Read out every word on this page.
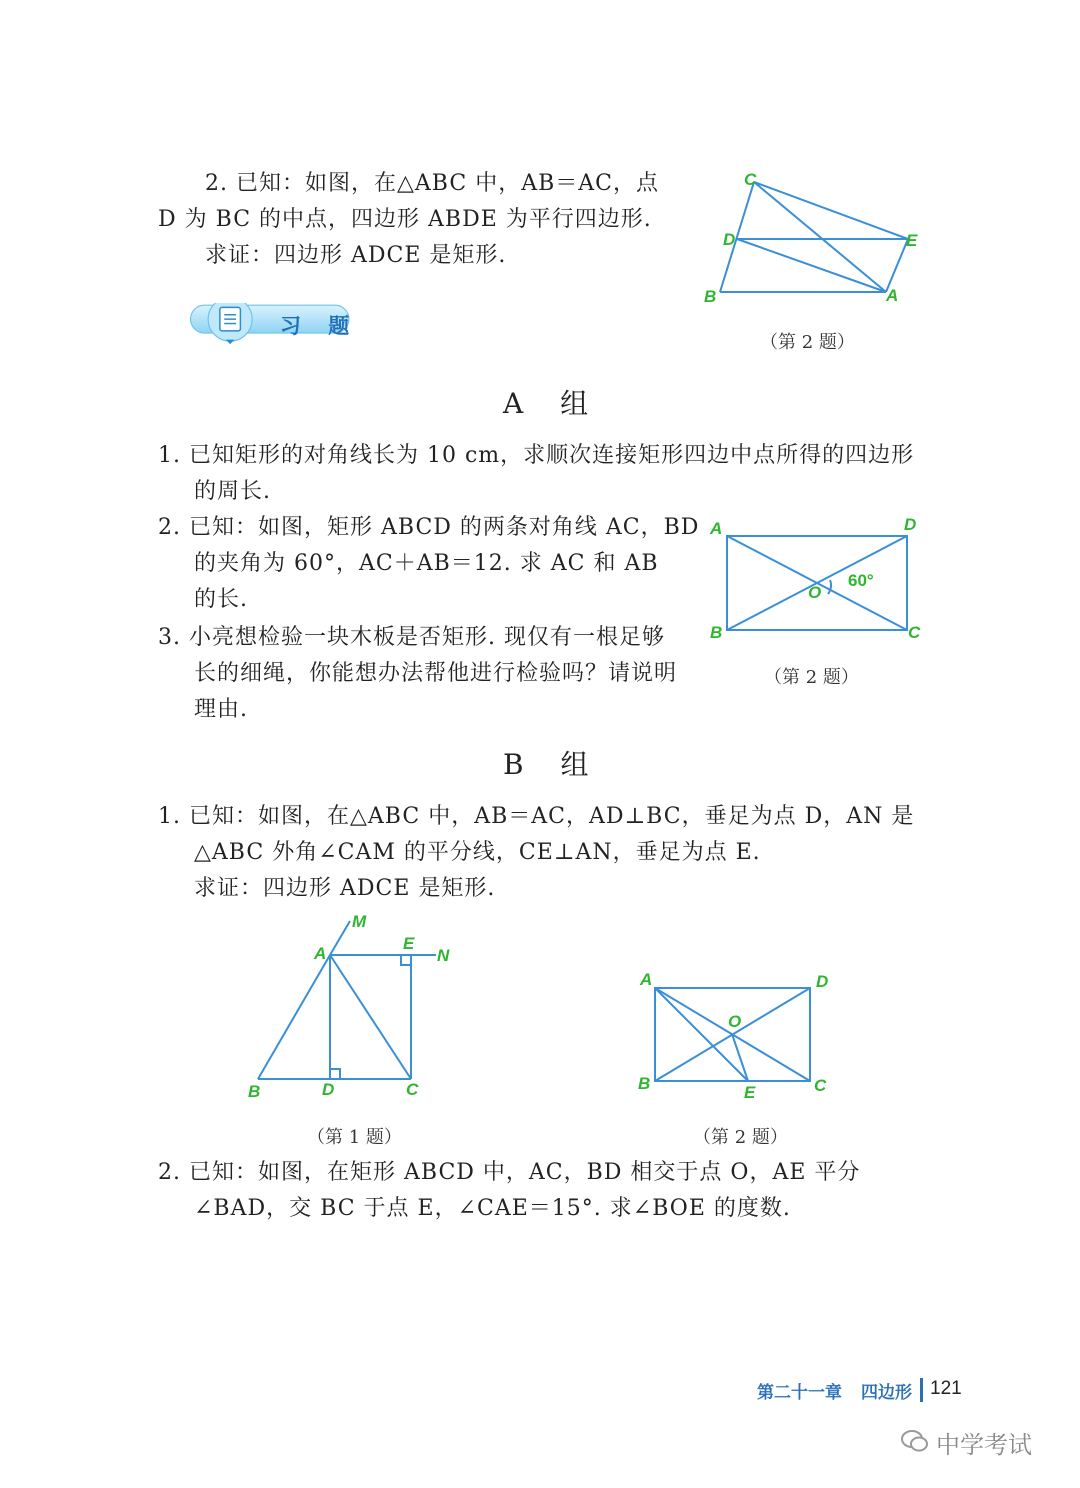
2. 已知：如图，在△ABC 中，AB＝AC，点
D 为 BC 的中点，四边形 ABDE 为平行四边形.
求证：四边形 ADCE 是矩形.
C
D	E
B	A
（第 2 题）
习 题
A 组
1. 已知矩形的对角线长为 10 cm，求顺次连接矩形四边中点所得的四边形
的周长.
2. 已知：如图，矩形 ABCD 的两条对角线 AC，BD
的夹角为 60°，AC＋AB＝12. 求 AC 和 AB
的长.
3. 小亮想检验一块木板是否矩形. 现仅有一根足够
长的细绳，你能想办法帮他进行检验吗？请说明
理由.
A	D
B	C
O
60°
（第 2 题）
B 组
1. 已知：如图，在△ABC 中，AB＝AC，AD⊥BC，垂足为点 D，AN 是
△ABC 外角∠CAM 的平分线，CE⊥AN，垂足为点 E.
求证：四边形 ADCE 是矩形.
M
A
E
N
B	D	C
（第 1 题）
A	D
O
B	E	C
（第 2 题）
2. 已知：如图，在矩形 ABCD 中，AC，BD 相交于点 O，AE 平分
∠BAD，交 BC 于点 E，∠CAE＝15°. 求∠BOE 的度数.
第二十一章 四边形 121
中学考试
